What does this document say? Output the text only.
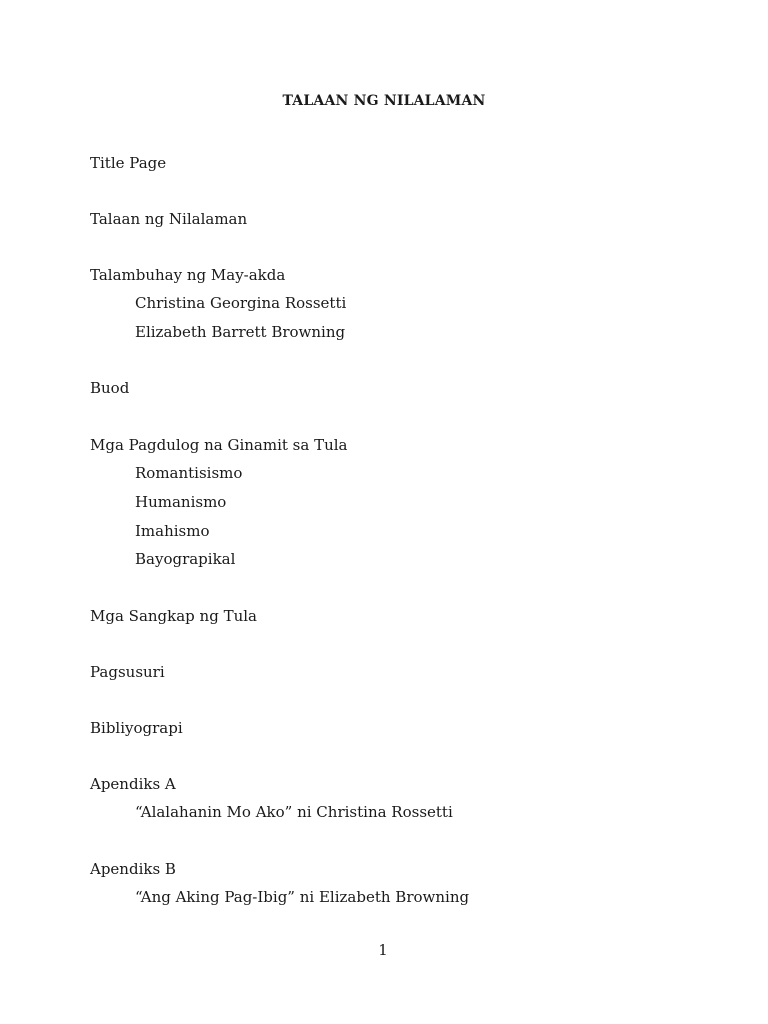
TALAAN NG NILALAMAN
Title Page
Talaan ng Nilalaman
Talambuhay ng May-akda
Christina Georgina Rossetti
Elizabeth Barrett Browning
Buod
Mga Pagdulog na Ginamit sa Tula
Romantisismo
Humanismo
Imahismo
Bayograpikal
Mga Sangkap ng Tula
Pagsusuri
Bibliyograpi
Apendiks A
“Alalahanin Mo Ako” ni Christina Rossetti
Apendiks B
“Ang Aking Pag-Ibig” ni Elizabeth Browning
1
